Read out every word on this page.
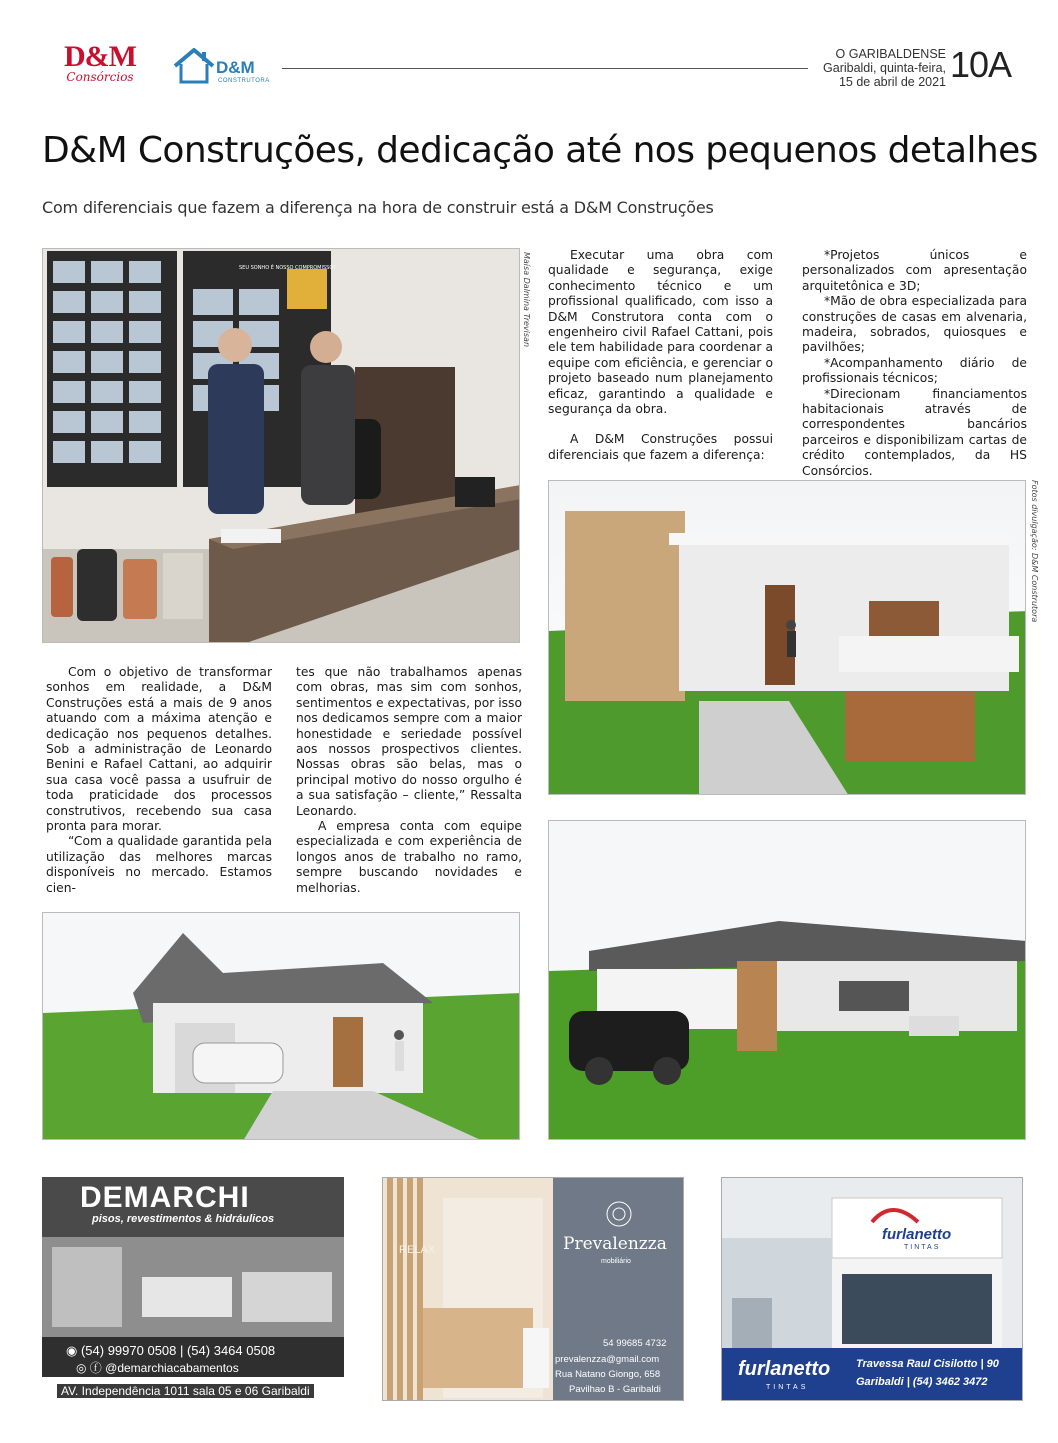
D&M
Consórcios	D&M
CONSTRUTORA
O GARIBALDENSE
Garibaldi, quinta-feira,
15 de abril de 2021 10A
D&M Construções, dedicação até nos pequenos detalhes
Com diferenciais que fazem a diferença na hora de construir está a D&M Construções
SEU SONHO É NOSSO COMPROMISSO!	Maísa Dalmina Trevisan

Com o objetivo de transformar sonhos em realidade, a D&M Construções está a mais de 9 anos atuando com a máxima atenção e dedicação nos pequenos detalhes. Sob a administração de Leonardo Benini e Rafael Cattani, ao adquirir sua casa você passa a usufruir de toda praticidade dos processos construtivos, recebendo sua casa pronta para morar.

“Com a qualidade garantida pela utilização das melhores marcas disponíveis no mercado. Estamos cien-

tes que não trabalhamos apenas com obras, mas sim com sonhos, sentimentos e expectativas, por isso nos dedicamos sempre com a maior honestidade e seriedade possível aos nossos prospectivos clientes. Nossas obras são belas, mas o principal motivo do nosso orgulho é a sua satisfação – cliente,” Ressalta Leonardo.

A empresa conta com equipe especializada e com experiência de longos anos de trabalho no ramo, sempre buscando novidades e melhorias.

Executar uma obra com qualidade e segurança, exige conhecimento técnico e um profissional qualificado, com isso a D&M Construtora conta com o engenheiro civil Rafael Cattani, pois ele tem habilidade para coordenar a equipe com eficiência, e gerenciar o projeto baseado num planejamento eficaz, garantindo a qualidade e segurança da obra.

A D&M Construções possui diferenciais que fazem a diferença:

*Projetos únicos e personalizados com apresentação arquitetônica e 3D;

*Mão de obra especializada para construções de casas em alvenaria, madeira, sobrados, quiosques e pavilhões;

*Acompanhamento diário de profissionais técnicos;

*Direcionam financiamentos habitacionais através de correspondentes bancários parceiros e disponibilizam cartas de crédito contemplados, da HS Consórcios.

Fotos divulgação: D&M Construtora
DEMARCHI
pisos, revestimentos & hidráulicos
◉ (54) 99970 0508 | (54) 3464 0508
◎ ⓕ @demarchiacabamentos
AV. Independência 1011 sala 05 e 06 Garibaldi
RELAX	Prevalenzza
mobiliário
54 99685 4732
prevalenzza@gmail.com
Rua Natano Giongo, 658
Pavilhao B - Garibaldi
furlanetto
TINTAS
furlanetto
TINTAS
Travessa Raul Cisilotto | 90
Garibaldi | (54) 3462 3472
